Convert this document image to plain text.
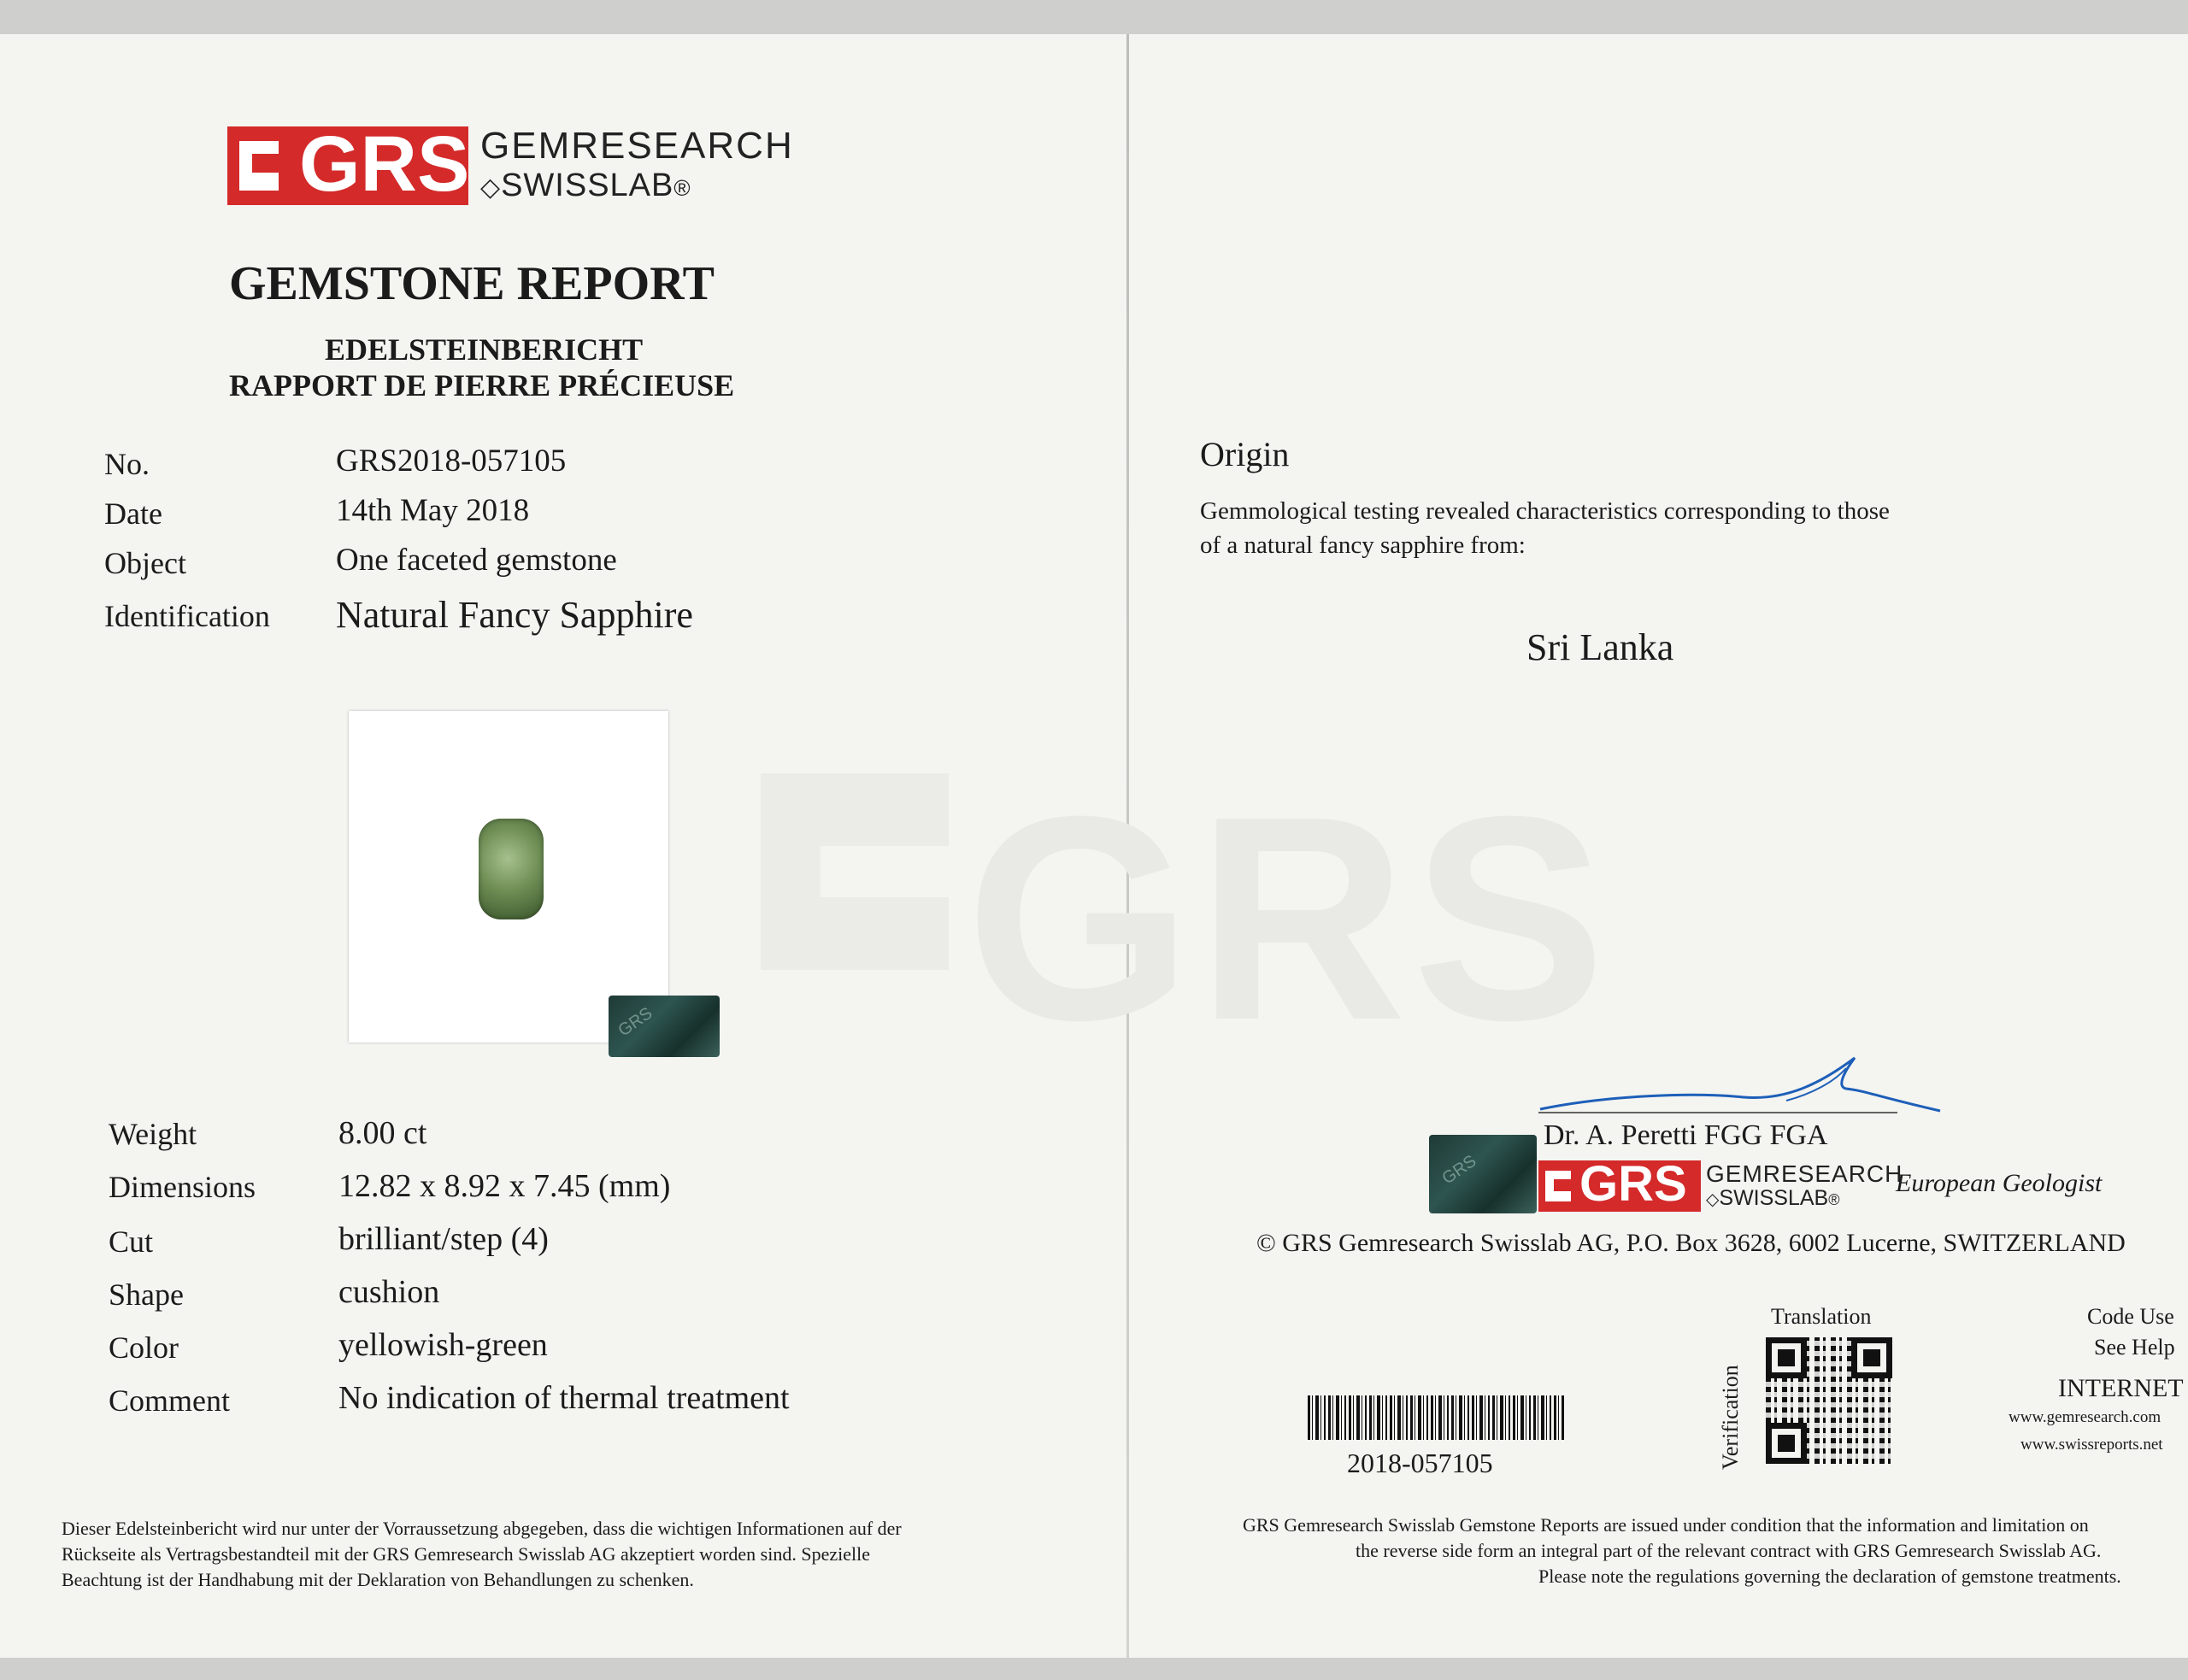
GRS
GRS GEMRESEARCH
◇SWISSLAB®
GEMSTONE REPORT
EDELSTEINBERICHT
RAPPORT DE PIERRE PRÉCIEUSE
No.	GRS2018-057105
Date	14th May 2018
Object	One faceted gemstone
Identification Natural Fancy Sapphire
GRS
Weight	8.00 ct
Dimensions	12.82 x 8.92 x 7.45 (mm)
Cut	brilliant/step (4)
Shape	cushion
Color	yellowish-green
Comment	No indication of thermal treatment
Dieser Edelsteinbericht wird nur unter der Vorraussetzung abgegeben, dass die wichtigen Informationen auf der
Rückseite als Vertragsbestandteil mit der GRS Gemresearch Swisslab AG akzeptiert worden sind. Spezielle
Beachtung ist der Handhabung mit der Deklaration von Behandlungen zu schenken.
Origin
Gemmological testing revealed characteristics corresponding to those
of a natural fancy sapphire from:
Sri Lanka
Dr. A. Peretti FGG FGA
GRS GRS GEMRESEARCH
◇SWISSLAB®
European Geologist
© GRS Gemresearch Swisslab AG, P.O. Box 3628, 6002 Lucerne, SWITZERLAND
2018-057105
Translation
Verification
Code Use
See Help
INTERNET
www.gemresearch.com
www.swissreports.net
GRS Gemresearch Swisslab Gemstone Reports are issued under condition that the information and limitation on
the reverse side form an integral part of the relevant contract with GRS Gemresearch Swisslab AG.
Please note the regulations governing the declaration of gemstone treatments.
